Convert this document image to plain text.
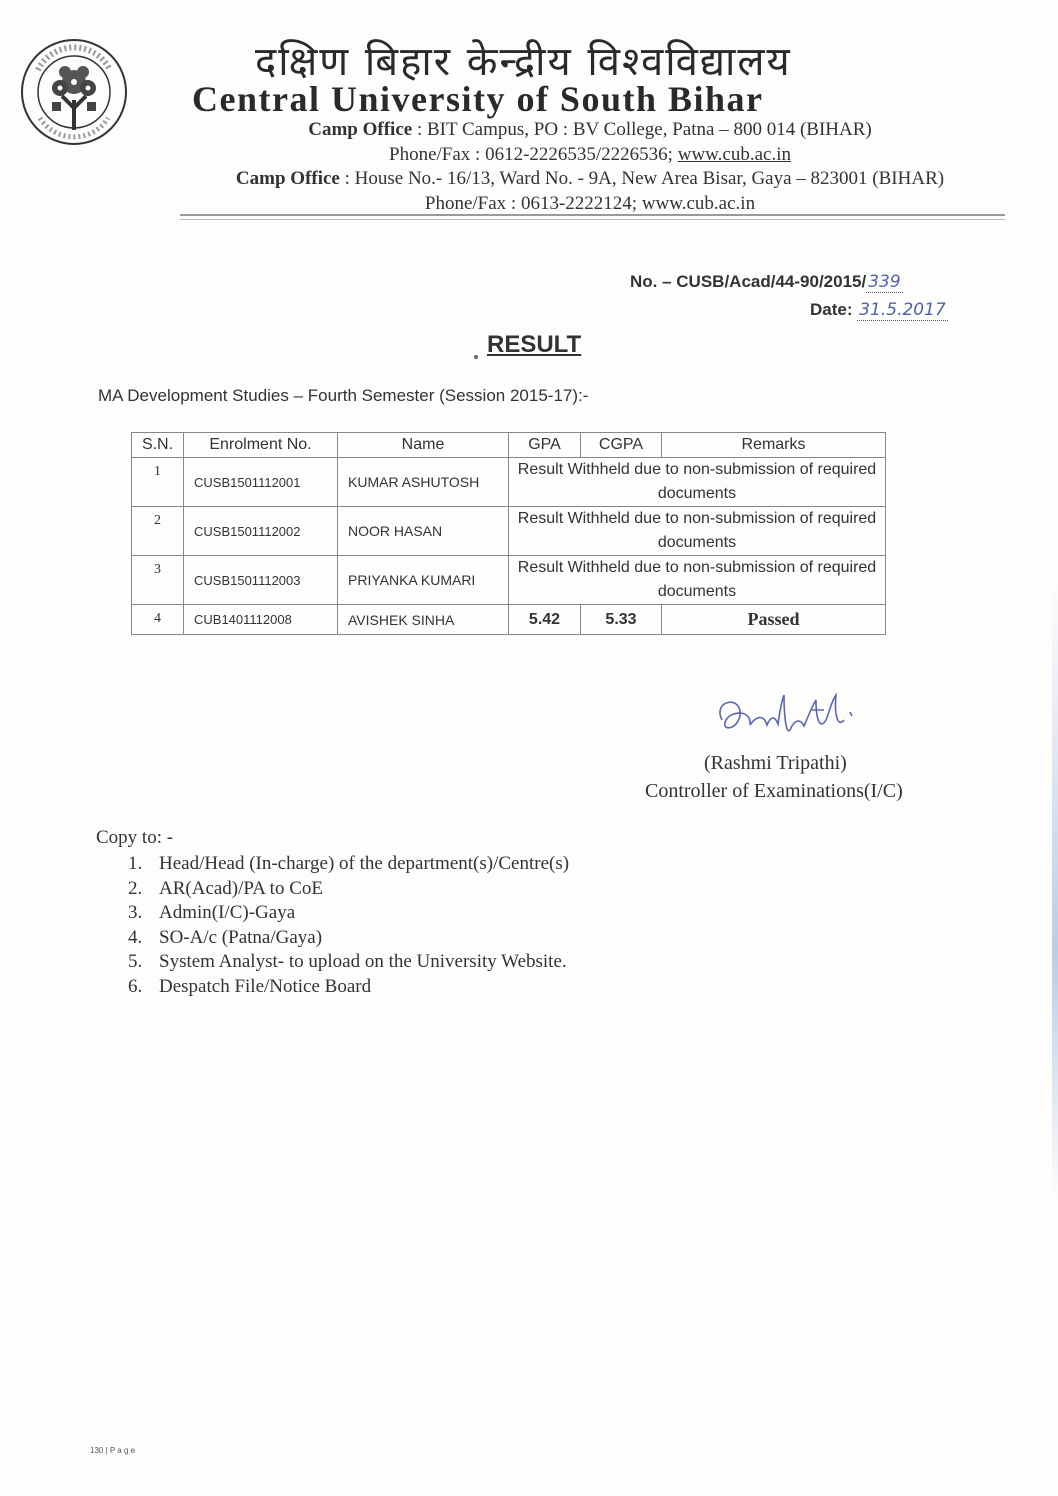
दक्षिण बिहार केन्द्रीय विश्वविद्यालय
Central University of South Bihar
Camp Office : BIT Campus, PO : BV College, Patna – 800 014 (BIHAR)
Phone/Fax : 0612-2226535/2226536; www.cub.ac.in
Camp Office : House No.- 16/13, Ward No. - 9A, New Area Bisar, Gaya – 823001 (BIHAR)
Phone/Fax : 0613-2222124; www.cub.ac.in
No. – CUSB/Acad/44-90/2015/ 339
Date: 31.5.2017
RESULT
MA Development Studies – Fourth Semester (Session 2015-17):-
S.N.	Enrolment No.	Name	GPA	CGPA	Remarks
1	CUSB1501112001	KUMAR ASHUTOSH	Result Withheld due to non-submission of required documents		
2	CUSB1501112002	NOOR HASAN	Result Withheld due to non-submission of required documents		
3	CUSB1501112003	PRIYANKA KUMARI	Result Withheld due to non-submission of required documents		
4	CUB1401112008	AVISHEK SINHA	5.42	5.33	Passed
(Rashmi Tripathi)
Controller of Examinations(I/C)
Copy to: -
1. Head/Head (In-charge) of the department(s)/Centre(s)
2. AR(Acad)/PA to CoE
3. Admin(I/C)-Gaya
4. SO-A/c (Patna/Gaya)
5. System Analyst- to upload on the University Website.
6. Despatch File/Notice Board
130 | P a g e
